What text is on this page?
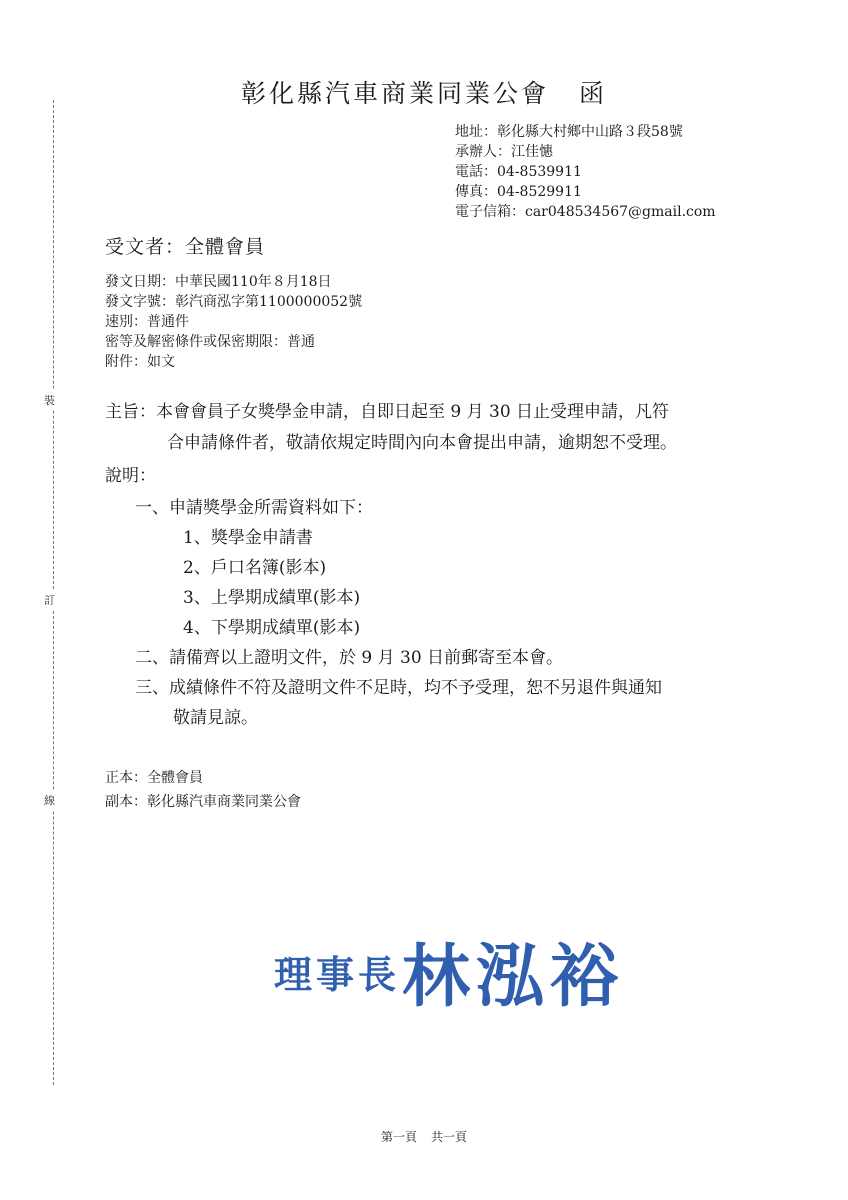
裝
訂
線
彰化縣汽車商業同業公會 函
地址：彰化縣大村鄉中山路３段58號
承辦人：江佳憓
電話：04-8539911
傳真：04-8529911
電子信箱：car048534567@gmail.com
受文者：全體會員
發文日期：中華民國110年８月18日
發文字號：彰汽商泓字第1100000052號
速別：普通件
密等及解密條件或保密期限：普通
附件：如文
主旨：本會會員子女獎學金申請，自即日起至 9 月 30 日止受理申請，凡符
合申請條件者，敬請依規定時間內向本會提出申請，逾期恕不受理。
說明：
一、申請獎學金所需資料如下：
1、獎學金申請書
2、戶口名簿(影本)
3、上學期成績單(影本)
4、下學期成績單(影本)
二、請備齊以上證明文件，於 9 月 30 日前郵寄至本會。
三、成績條件不符及證明文件不足時，均不予受理，恕不另退件與通知
敬請見諒。
正本：全體會員
副本：彰化縣汽車商業同業公會
理事長 林泓裕
第一頁 共一頁
